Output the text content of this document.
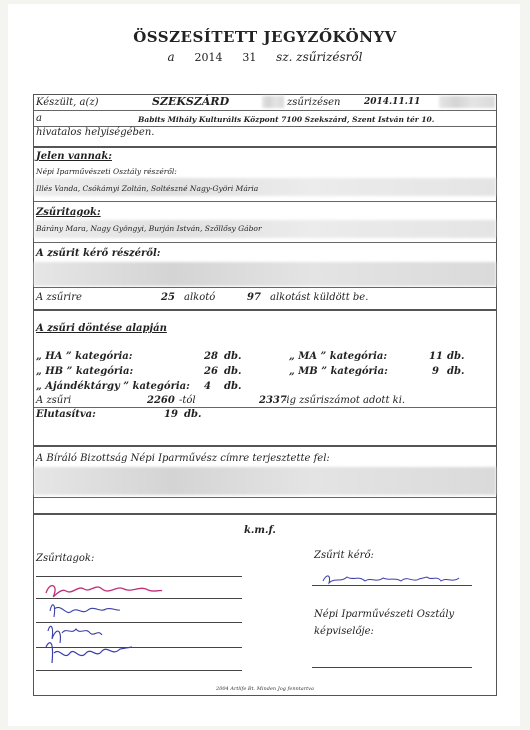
ÖSSZESÍTETT JEGYZŐKÖNYV
a 2014 31 sz. zsűrizésről
Készült, a(z)	SZEKSZÁRD	zsűrizésen	2014.11.11
a	Babits Mihály Kulturális Központ 7100 Szekszárd, Szent István tér 10.
hivatalos helyiségében.
Jelen vannak:
Népi Iparművészeti Osztály részéről:
Illés Vanda, Csókámyi Zoltán, Soltészné Nagy-Györi Mária
Zsűritagok:
Bárány Mara, Nagy Gyöngyi, Burján István, Szőllősy Gábor
A zsűrit kérő részéről:
A zsűrire	25 alkotó	97 alkotást küldött be.
A zsűri döntése alapján
„ HA ” kategória:	28 db.	„ MA ” kategória:	11 db.
„ HB ” kategória:	26 db.	„ MB ” kategória:	9 db.
„ Ajándéktárgy ” kategória: 4 db.
A zsűri	2260 -tól	2337
-ig zsűriszámot adott ki.
Elutasítva:	19 db.
A Bíráló Bizottság Népi Iparművész címre terjesztette fel:
k.m.f.
Zsűritagok:	Zsűrit kérő:
Népi Iparművészeti Osztály
képviselője:
2004 Artlife Bt. Minden Jog fenntartva
